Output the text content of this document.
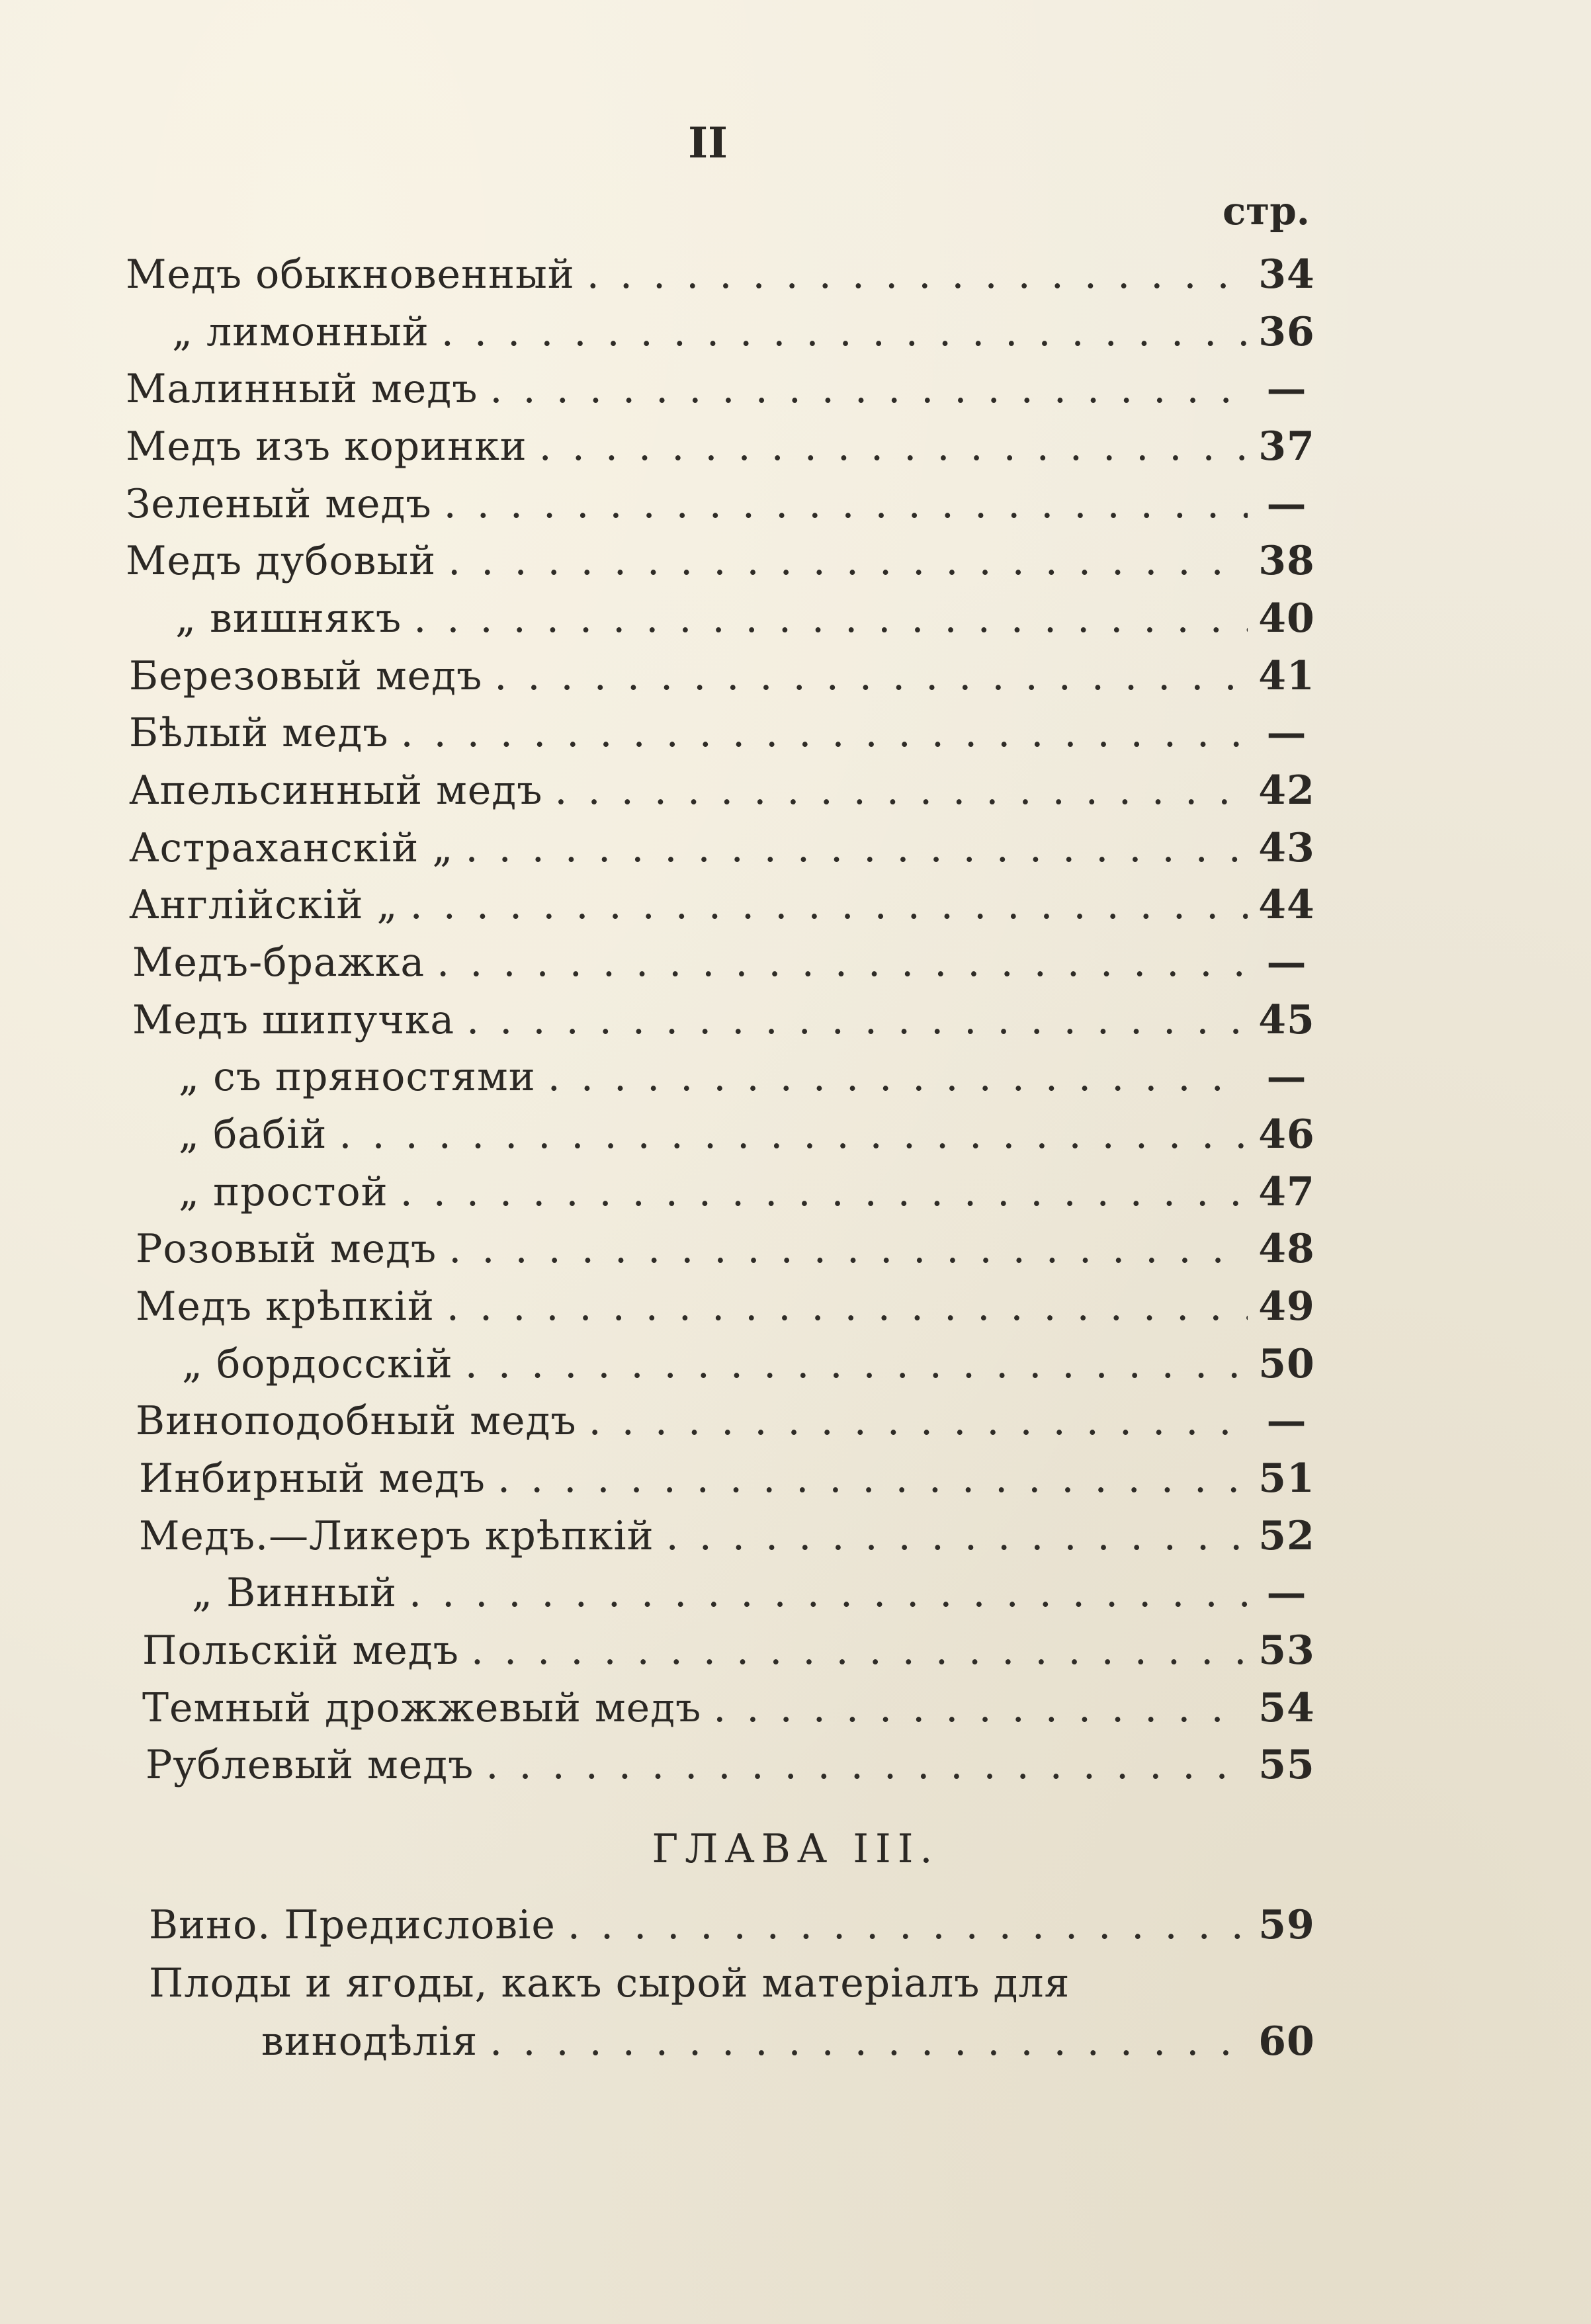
II
стр.
Медъ обыкновенный . . .	34
„ лимонный . . .	36
Малинный медъ . . .	—
Медъ изъ коринки . . .	37
Зеленый медъ . . .	—
Медъ дубовый . . .	38
„ вишнякъ . . .	40
Березовый медъ . . .	41
Бѣлый медъ . . .	—
Апельсинный медъ . . .	42
Астраханскій „ . . .	43
Англійскій „ . . .	44
Медъ-бражка . . .	—
Медъ шипучка . . .	45
„ съ пряностями . . .	—
„ бабій . . .	46
„ простой . . .	47
Розовый медъ . . .	48
Медъ крѣпкій . . .	49
„ бордосскій . . .	50
Виноподобный медъ . . .	—
Инбирный медъ . . .	51
Медъ.—Ликеръ крѣпкій . . .	52
„ Винный . . .	—
Польскій медъ . . .	53
Темный дрожжевый медъ . . .	54
Рублевый медъ . . .	55
ГЛАВА III.
Вино. Предисловіе . . .	59
Плоды и ягоды, какъ сырой матеріалъ для
винодѣлія . . .	60
